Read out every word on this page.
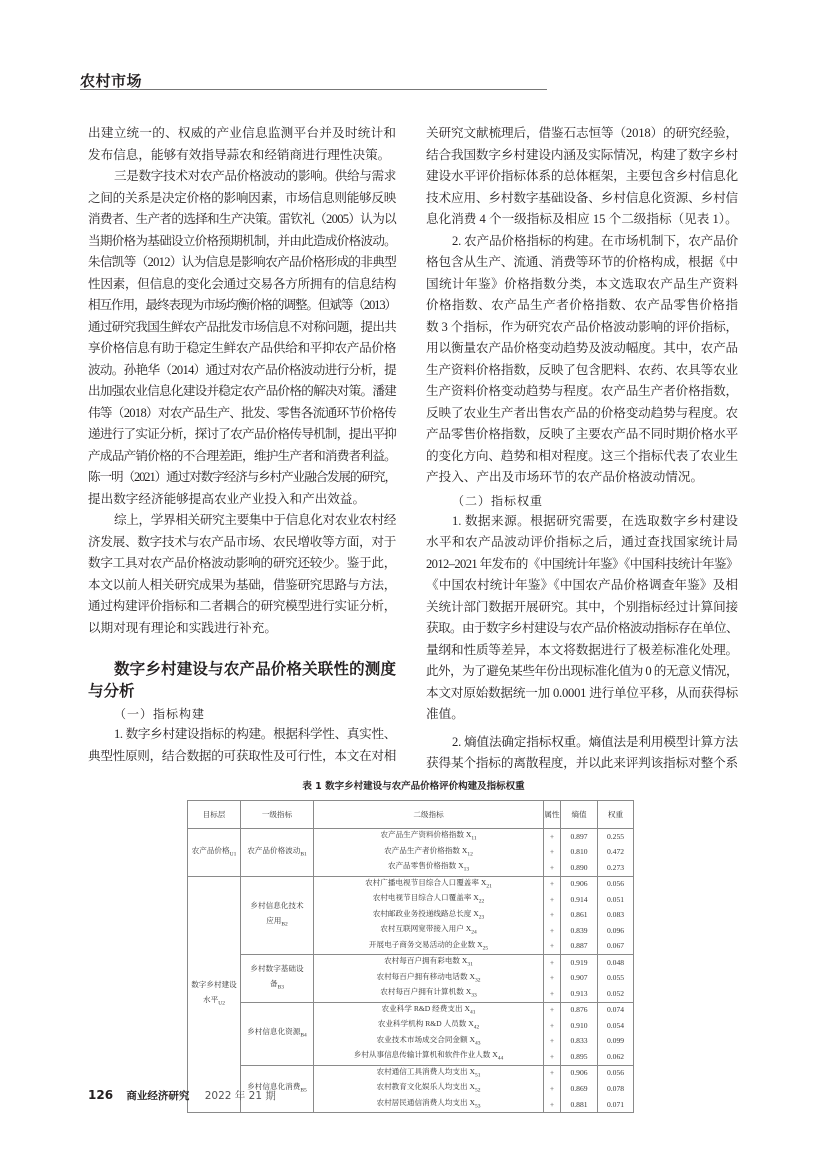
农村市场
出建立统一的、权威的产业信息监测平台并及时统计和
发布信息，能够有效指导蒜农和经销商进行理性决策。
三是数字技术对农产品价格波动的影响。供给与需求
之间的关系是决定价格的影响因素，市场信息则能够反映
消费者、生产者的选择和生产决策。雷钦礼（2005）认为以
当期价格为基础设立价格预期机制，并由此造成价格波动。
朱信凯等（2012）认为信息是影响农产品价格形成的非典型
性因素，但信息的变化会通过交易各方所拥有的信息结构
相互作用，最终表现为市场均衡价格的调整。但斌等（2013）
通过研究我国生鲜农产品批发市场信息不对称问题，提出共
享价格信息有助于稳定生鲜农产品供给和平抑农产品价格
波动。孙艳华（2014）通过对农产品价格波动进行分析，提
出加强农业信息化建设并稳定农产品价格的解决对策。潘建
伟等（2018）对农产品生产、批发、零售各流通环节价格传
递进行了实证分析，探讨了农产品价格传导机制，提出平抑
产成品产销价格的不合理差距，维护生产者和消费者利益。
陈一明（2021）通过对数字经济与乡村产业融合发展的研究，
提出数字经济能够提高农业产业投入和产出效益。
综上，学界相关研究主要集中于信息化对农业农村经
济发展、数字技术与农产品市场、农民增收等方面，对于
数字工具对农产品价格波动影响的研究还较少。鉴于此，
本文以前人相关研究成果为基础，借鉴研究思路与方法，
通过构建评价指标和二者耦合的研究模型进行实证分析，
以期对现有理论和实践进行补充。
数字乡村建设与农产品价格关联性的测度
与分析
（一）指标构建
1. 数字乡村建设指标的构建。根据科学性、真实性、
典型性原则，结合数据的可获取性及可行性，本文在对相
关研究文献梳理后，借鉴石志恒等（2018）的研究经验，
结合我国数字乡村建设内涵及实际情况，构建了数字乡村
建设水平评价指标体系的总体框架，主要包含乡村信息化
技术应用、乡村数字基础设备、乡村信息化资源、乡村信
息化消费 4 个一级指标及相应 15 个二级指标（见表 1）。
2. 农产品价格指标的构建。在市场机制下，农产品价
格包含从生产、流通、消费等环节的价格构成，根据《中
国统计年鉴》价格指数分类，本文选取农产品生产资料
价格指数、农产品生产者价格指数、农产品零售价格指
数 3 个指标，作为研究农产品价格波动影响的评价指标，
用以衡量农产品价格变动趋势及波动幅度。其中，农产品
生产资料价格指数，反映了包含肥料、农药、农具等农业
生产资料价格变动趋势与程度。农产品生产者价格指数，
反映了农业生产者出售农产品的价格变动趋势与程度。农
产品零售价格指数，反映了主要农产品不同时期价格水平
的变化方向、趋势和相对程度。这三个指标代表了农业生
产投入、产出及市场环节的农产品价格波动情况。
（二）指标权重
1. 数据来源。根据研究需要，在选取数字乡村建设
水平和农产品波动评价指标之后，通过查找国家统计局
2012–2021 年发布的《中国统计年鉴》《中国科技统计年鉴》
《中国农村统计年鉴》《中国农产品价格调查年鉴》及相
关统计部门数据开展研究。其中，个别指标经过计算间接
获取。由于数字乡村建设与农产品价格波动指标存在单位、
量纲和性质等差异，本文将数据进行了极差标准化处理。
此外，为了避免某些年份出现标准化值为 0 的无意义情况，
本文对原始数据统一加 0.0001 进行单位平移，从而获得标
准值。
2. 熵值法确定指标权重。熵值法是利用模型计算方法
获得某个指标的离散程度，并以此来评判该指标对整个系
表 1 数字乡村建设与农产品价格评价构建及指标权重
目标层	一级指标	二级指标	属性	熵值	权重
农产品价格$_{U1}$	农产品价格波动$_{B1}$	农产品生产资料价格指数 $X_{11}$	+	0.897	0.255
		农产品生产者价格指数 $X_{12}$	+	0.810	0.472
		农产品零售价格指数 $X_{13}$	+	0.890	0.273
数字乡村建设水平$_{U2}$	乡村信息化技术应用$_{B2}$	农村广播电视节目综合人口覆盖率 $X_{21}$	+	0.906	0.056
		农村电视节目综合人口覆盖率 $X_{22}$	+	0.914	0.051
		农村邮政业务投递线路总长度 $X_{23}$	+	0.861	0.083
		农村互联网宽带接入用户 $X_{24}$	+	0.839	0.096
		开展电子商务交易活动的企业数 $X_{25}$	+	0.887	0.067
	乡村数字基础设备$_{B3}$	农村每百户拥有彩电数 $X_{31}$	+	0.919	0.048
		农村每百户拥有移动电话数 $X_{32}$	+	0.907	0.055
		农村每百户拥有计算机数 $X_{33}$	+	0.913	0.052
	乡村信息化资源$_{B4}$	农业科学 R&D 经费支出 $X_{41}$	+	0.876	0.074
		农业科学机构 R&D 人员数 $X_{42}$	+	0.910	0.054
		农业技术市场成交合同金额 $X_{43}$	+	0.833	0.099
		乡村从事信息传输计算机和软件作业人数 $X_{44}$	+	0.895	0.062
	乡村信息化消费$_{B5}$	农村通信工具消费人均支出 $X_{51}$	+	0.906	0.056
		农村教育文化娱乐人均支出 $X_{52}$	+	0.869	0.078
		农村居民通信消费人均支出 $X_{53}$	+	0.881	0.071
126 商业经济研究 2022 年 21 期
